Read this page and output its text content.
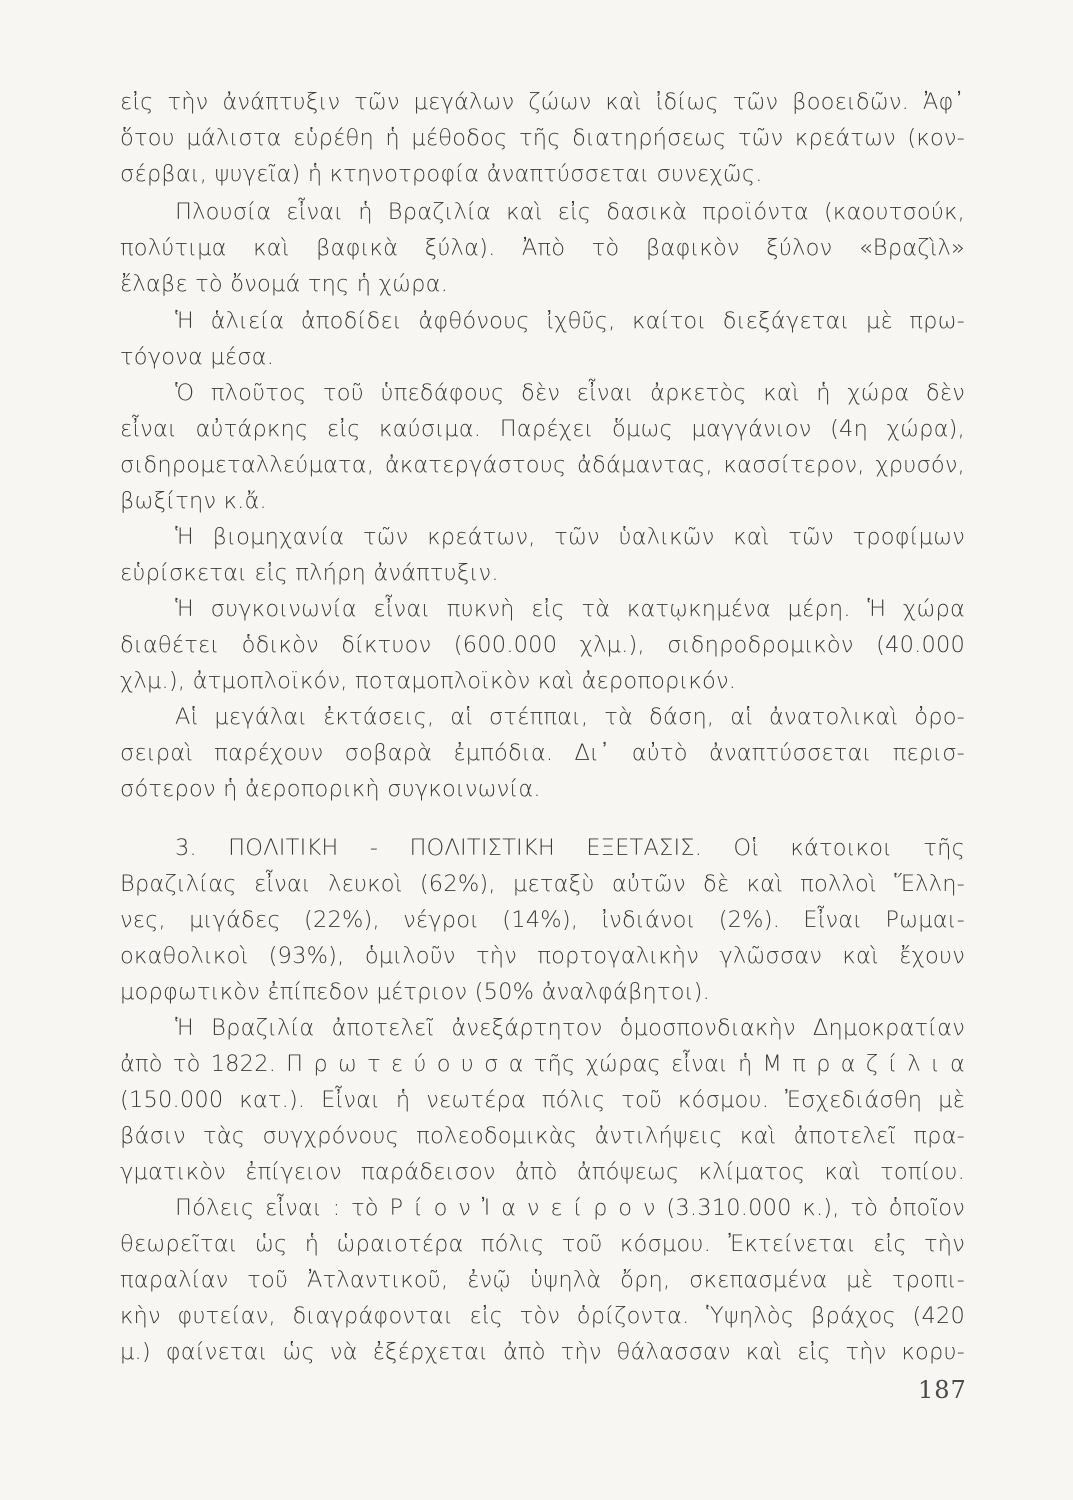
εἰς τὴν ἀνάπτυξιν τῶν μεγάλων ζώων καὶ ἰδίως τῶν βοοειδῶν. Ἀφ᾽
ὅτου μάλιστα εὑρέθη ἡ μέθοδος τῆς διατηρήσεως τῶν κρεάτων (κον-
σέρβαι, ψυγεῖα) ἡ κτηνοτροφία ἀναπτύσσεται συνεχῶς.
Πλουσία εἶναι ἡ Βραζιλία καὶ εἰς δασικὰ προϊόντα (καουτσούκ,
πολύτιμα καὶ βαφικὰ ξύλα). Ἀπὸ τὸ βαφικὸν ξύλον «Βραζὶλ»
ἔλαβε τὸ ὄνομά της ἡ χώρα.
Ἡ ἁλιεία ἀποδίδει ἀφθόνους ἰχθῦς, καίτοι διεξάγεται μὲ πρω-
τόγονα μέσα.
Ὁ πλοῦτος τοῦ ὑπεδάφους δὲν εἶναι ἀρκετὸς καὶ ἡ χώρα δὲν
εἶναι αὐτάρκης εἰς καύσιμα. Παρέχει ὅμως μαγγάνιον (4η χώρα),
σιδηρομεταλλεύματα, ἀκατεργάστους ἀδάμαντας, κασσίτερον, χρυσόν,
βωξίτην κ.ἄ.
Ἡ βιομηχανία τῶν κρεάτων, τῶν ὑαλικῶν καὶ τῶν τροφίμων
εὑρίσκεται εἰς πλήρη ἀνάπτυξιν.
Ἡ συγκοινωνία εἶναι πυκνὴ εἰς τὰ κατῳκημένα μέρη. Ἡ χώρα
διαθέτει ὁδικὸν δίκτυον (600.000 χλμ.), σιδηροδρομικὸν (40.000
χλμ.), ἀτμοπλοϊκόν, ποταμοπλοϊκὸν καὶ ἀεροπορικόν.
Αἱ μεγάλαι ἐκτάσεις, αἱ στέππαι, τὰ δάση, αἱ ἀνατολικαὶ ὀρο-
σειραὶ παρέχουν σοβαρὰ ἐμπόδια. Δι᾽ αὐτὸ ἀναπτύσσεται περισ-
σότερον ἡ ἀεροπορικὴ συγκοινωνία.
3. ΠΟΛΙΤΙΚΗ - ΠΟΛΙΤΙΣΤΙΚΗ ΕΞΕΤΑΣΙΣ. Οἱ κάτοικοι τῆς
Βραζιλίας εἶναι λευκοὶ (62%), μεταξὺ αὐτῶν δὲ καὶ πολλοὶ Ἕλλη-
νες, μιγάδες (22%), νέγροι (14%), ἰνδιάνοι (2%). Εἶναι Ρωμαι-
οκαθολικοὶ (93%), ὁμιλοῦν τὴν πορτογαλικὴν γλῶσσαν καὶ ἔχουν
μορφωτικὸν ἐπίπεδον μέτριον (50% ἀναλφάβητοι).
Ἡ Βραζιλία ἀποτελεῖ ἀνεξάρτητον ὁμοσπονδιακὴν Δημοκρατίαν
ἀπὸ τὸ 1822. Π ρ ω τ ε ύ ο υ σ α τῆς χώρας εἶναι ἡ Μ π ρ α ζ ί λ ι α
(150.000 κατ.). Εἶναι ἡ νεωτέρα πόλις τοῦ κόσμου. Ἐσχεδιάσθη μὲ
βάσιν τὰς συγχρόνους πολεοδομικὰς ἀντιλήψεις καὶ ἀποτελεῖ πρα-
γματικὸν ἐπίγειον παράδεισον ἀπὸ ἀπόψεως κλίματος καὶ τοπίου.
Πόλεις εἶναι : τὸ Ρ ί ο ν Ἰ α ν ε ί ρ ο ν (3.310.000 κ.), τὸ ὁποῖον
θεωρεῖται ὡς ἡ ὡραιοτέρα πόλις τοῦ κόσμου. Ἐκτείνεται εἰς τὴν
παραλίαν τοῦ Ἀτλαντικοῦ, ἐνῷ ὑψηλὰ ὄρη, σκεπασμένα μὲ τροπι-
κὴν φυτείαν, διαγράφονται εἰς τὸν ὁρίζοντα. Ὑψηλὸς βράχος (420
μ.) φαίνεται ὡς νὰ ἐξέρχεται ἀπὸ τὴν θάλασσαν καὶ εἰς τὴν κορυ-
187
